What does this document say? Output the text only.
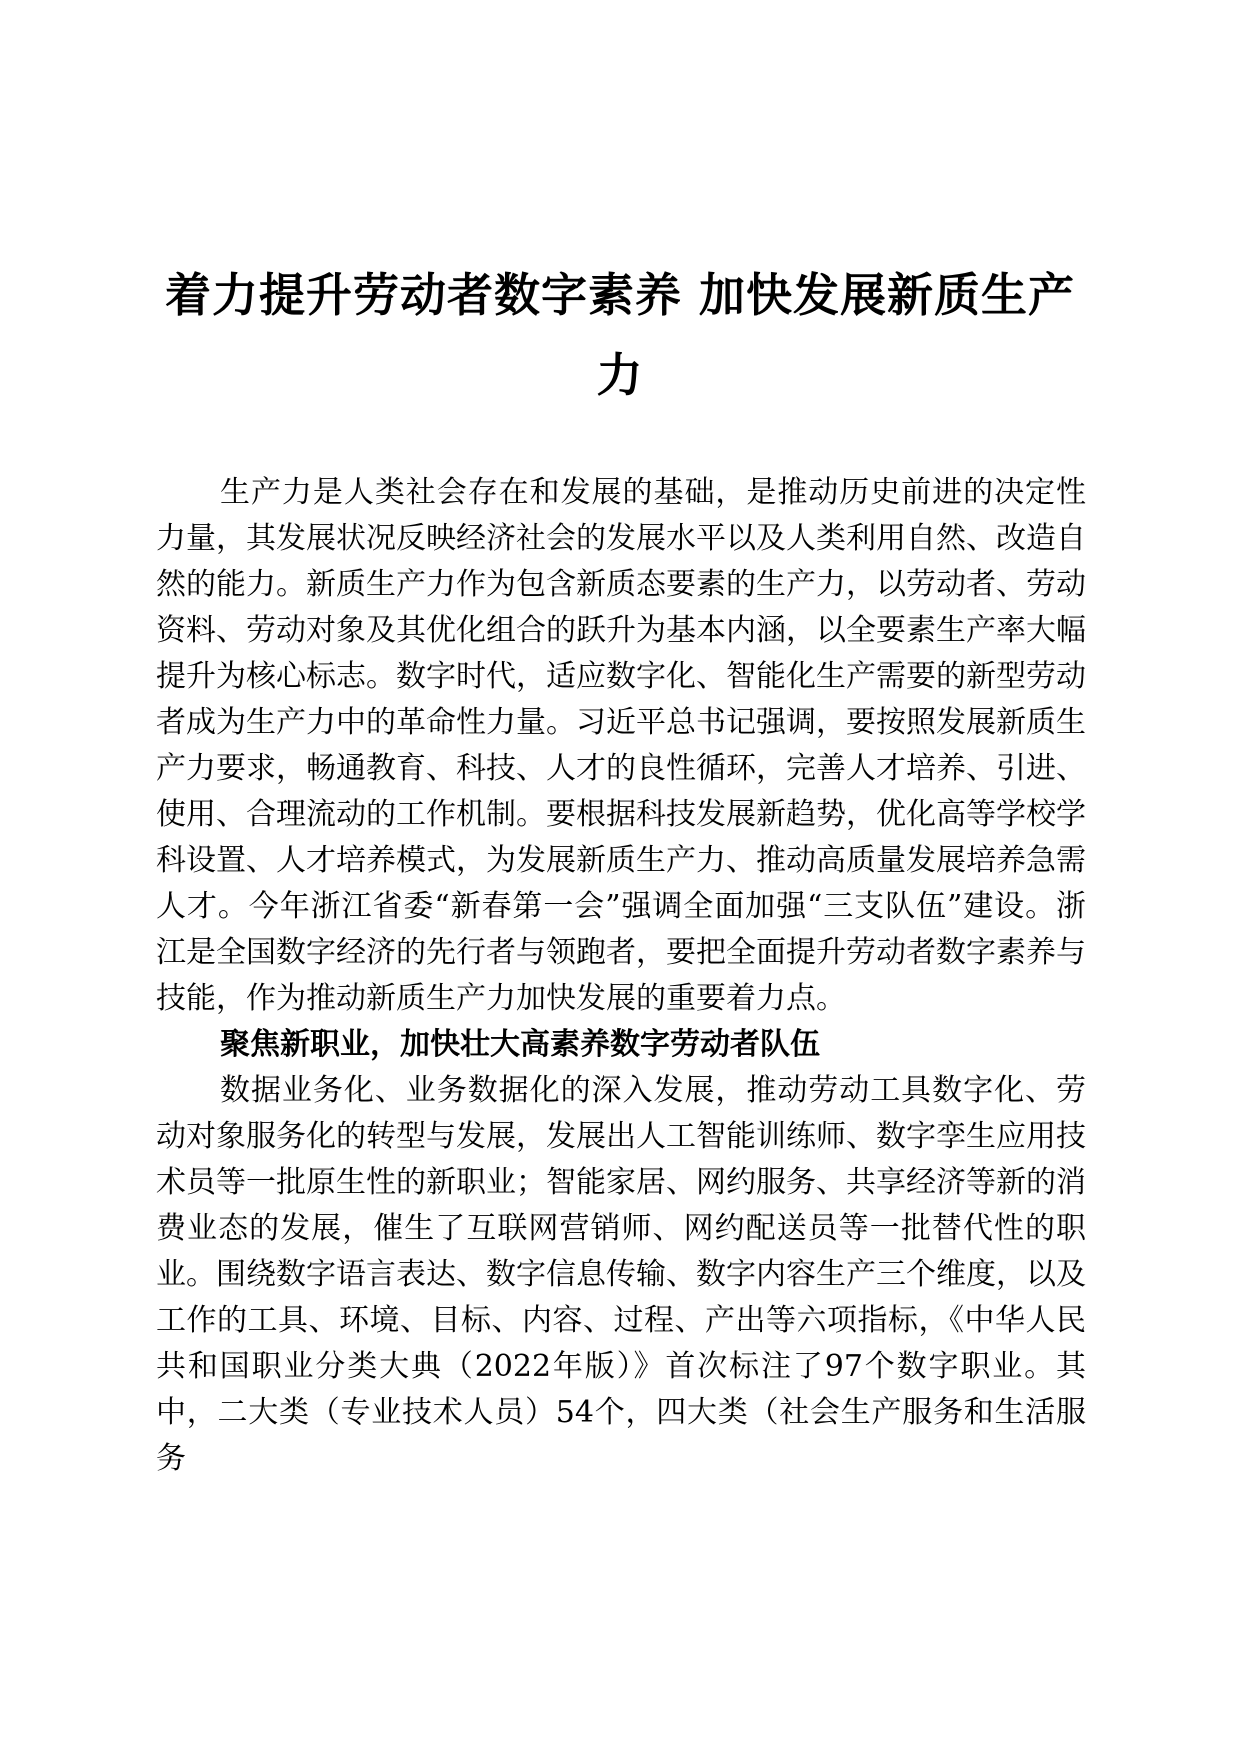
着力提升劳动者数字素养 加快发展新质生产力

生产力是人类社会存在和发展的基础，是推动历史前进的决定性力量，其发展状况反映经济社会的发展水平以及人类利用自然、改造自然的能力。新质生产力作为包含新质态要素的生产力，以劳动者、劳动资料、劳动对象及其优化组合的跃升为基本内涵，以全要素生产率大幅提升为核心标志。数字时代，适应数字化、智能化生产需要的新型劳动者成为生产力中的革命性力量。习近平总书记强调，要按照发展新质生产力要求，畅通教育、科技、人才的良性循环，完善人才培养、引进、使用、合理流动的工作机制。要根据科技发展新趋势，优化高等学校学科设置、人才培养模式，为发展新质生产力、推动高质量发展培养急需人才。今年浙江省委“新春第一会”强调全面加强“三支队伍”建设。浙江是全国数字经济的先行者与领跑者，要把全面提升劳动者数字素养与技能，作为推动新质生产力加快发展的重要着力点。

聚焦新职业，加快壮大高素养数字劳动者队伍

数据业务化、业务数据化的深入发展，推动劳动工具数字化、劳动对象服务化的转型与发展，发展出人工智能训练师、数字孪生应用技术员等一批原生性的新职业；智能家居、网约服务、共享经济等新的消费业态的发展，催生了互联网营销师、网约配送员等一批替代性的职业。围绕数字语言表达、数字信息传输、数字内容生产三个维度，以及工作的工具、环境、目标、内容、过程、产出等六项指标，《中华人民共和国职业分类大典（2022年版）》首次标注了97个数字职业。其中，二大类（专业技术人员）54个，四大类（社会生产服务和生活服务
